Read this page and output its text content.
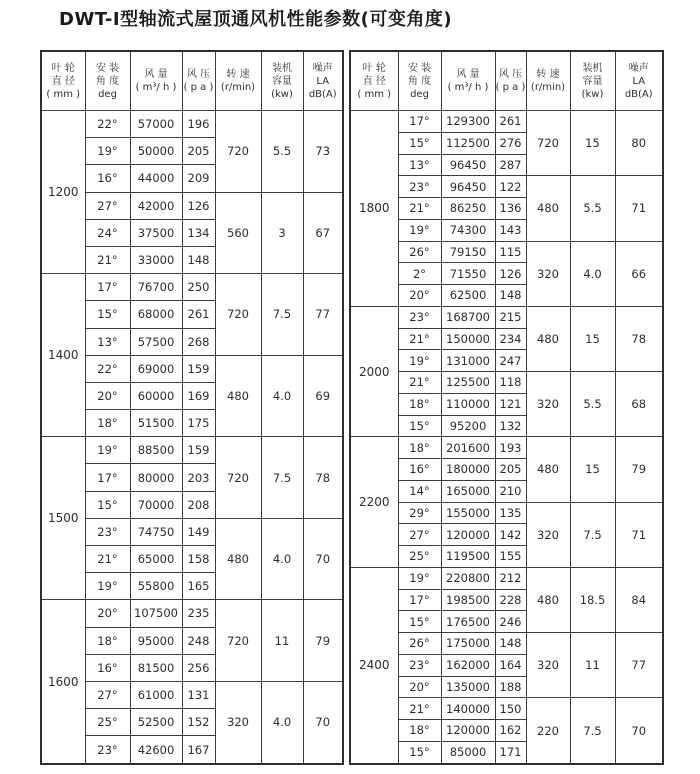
DWT-I型轴流式屋顶通风机性能参数(可变角度)
叶 轮
直 径
( mm )

安 装
角 度
deg

风 量
( m³/ h )

风 压
( p a )

转 速
(r/min)

装机
容量
(kw)

噪声
LA
dB(A)

1200	22°	57000	196	720	5.5	73
	19°	50000	205			
	16°	44000	209			
	27°	42000	126	560	3	67
	24°	37500	134			
	21°	33000	148			
1400	17°	76700	250	720	7.5	77
	15°	68000	261			
	13°	57500	268			
	22°	69000	159	480	4.0	69
	20°	60000	169			
	18°	51500	175			
1500	19°	88500	159	720	7.5	78
	17°	80000	203			
	15°	70000	208			
	23°	74750	149	480	4.0	70
	21°	65000	158			
	19°	55800	165			
1600	20°	107500	235	720	11	79
	18°	95000	248			
	16°	81500	256			
	27°	61000	131	320	4.0	70
	25°	52500	152			
	23°	42600	167			
叶 轮
直 径
( mm )

安 装
角 度
deg

风 量
( m³/ h )

风 压
( p a )

转 速
(r/min)

装机
容量
(kw)

噪声
LA
dB(A)

1800	17°	129300	261	720	15	80
	15°	112500	276			
	13°	96450	287			
	23°	96450	122	480	5.5	71
	21°	86250	136			
	19°	74300	143			
	26°	79150	115	320	4.0	66
	2°	71550	126			
	20°	62500	148			
2000	23°	168700	215	480	15	78
	21°	150000	234			
	19°	131000	247			
	21°	125500	118	320	5.5	68
	18°	110000	121			
	15°	95200	132			
2200	18°	201600	193	480	15	79
	16°	180000	205			
	14°	165000	210			
	29°	155000	135	320	7.5	71
	27°	120000	142			
	25°	119500	155			
2400	19°	220800	212	480	18.5	84
	17°	198500	228			
	15°	176500	246			
	26°	175000	148	320	11	77
	23°	162000	164			
	20°	135000	188			
	21°	140000	150	220	7.5	70
	18°	120000	162			
	15°	85000	171			
